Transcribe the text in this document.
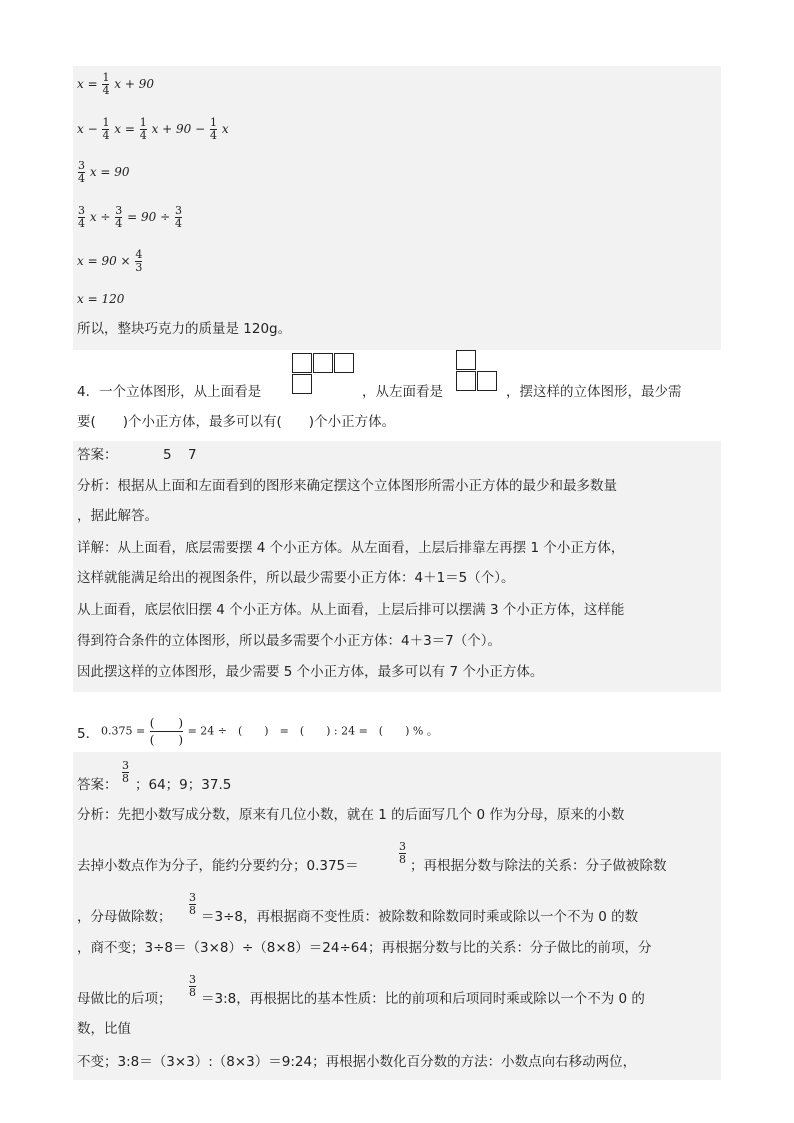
$x = \frac{1}{4}$ x + 90
$x - \frac{1}{4}$ $x = \frac{1}{4}$ $x + 90 - \frac{1}{4}$ x
$\frac{3}{4}$ x = 90
$\frac{3}{4}$ $x \div \frac{3}{4} = 90 \div \frac{3}{4}$
$x = 90 \times \frac{4}{3}$
x = 120
所以，整块巧克力的质量是 120g。
4．一个立体图形，从上面看是	，从左面看是	，摆这样的立体图形，最少需
要(　　)个小正方体，最多可以有(　　)个小正方体。
答案：	5 7
分析：根据从上面和左面看到的图形来确定摆这个立体图形所需小正方体的最少和最多数量
，据此解答。
详解：从上面看，底层需要摆 4 个小正方体。从左面看，上层后排靠左再摆 1 个小正方体，
这样就能满足给出的视图条件，所以最少需要小正方体：4＋1＝5（个）。
从上面看，底层依旧摆 4 个小正方体。从上面看，上层后排可以摆满 3 个小正方体，这样能
得到符合条件的立体图形，所以最多需要个小正方体：4＋3＝7（个）。
因此摆这样的立体图形，最少需要 5 个小正方体，最多可以有 7 个小正方体。
5． $0.375 = \frac{( )}{( )} = 24$ ÷　(　　)　=　(　　) : 24 =　(　　) % 。
答案： $\frac{3}{8}$ ；64；9；37.5
分析：先把小数写成分数，原来有几位小数，就在 1 的后面写几个 0 作为分母，原来的小数
去掉小数点作为分子，能约分要约分；0.375＝	$\frac{3}{8}$ ；再根据分数与除法的关系：分子做被除数
，分母做除数； $\frac{3}{8} =3\div 8$，再根据商不变性质：被除数和除数同时乘或除以一个不为 0 的数
，商不变；3÷8＝（3×8）÷（8×8）＝24÷64；再根据分数与比的关系：分子做比的前项，分
母做比的后项； $\frac{3}{8}$ ＝3:8，再根据比的基本性质：比的前项和后项同时乘或除以一个不为 0 的
数，比值
不变；3:8＝（3×3）:（8×3）＝9:24；再根据小数化百分数的方法：小数点向右移动两位，
